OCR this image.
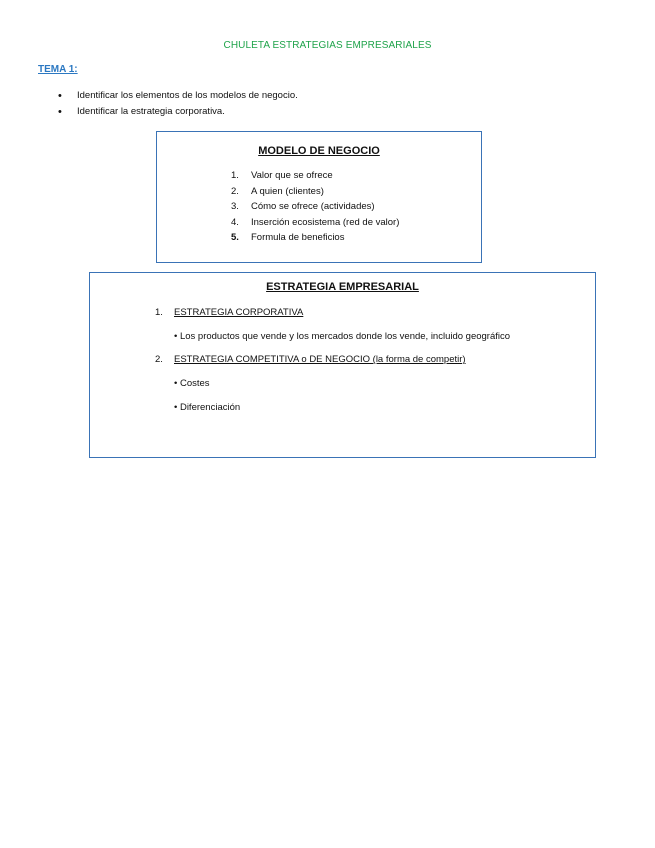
CHULETA ESTRATEGIAS EMPRESARIALES
TEMA 1:
• Identificar los elementos de los modelos de negocio.
• Identificar la estrategia corporativa.
MODELO DE NEGOCIO
1.	Valor que se ofrece
2.	A quien (clientes)
3.	Cómo se ofrece (actividades)
4.	Inserción ecosistema (red de valor)
5.	Formula de beneficios
ESTRATEGIA EMPRESARIAL
1.	ESTRATEGIA CORPORATIVA
• Los productos que vende y los mercados donde los vende, incluido geográfico
2.	ESTRATEGIA COMPETITIVA o DE NEGOCIO (la forma de competir)
• Costes
• Diferenciación
